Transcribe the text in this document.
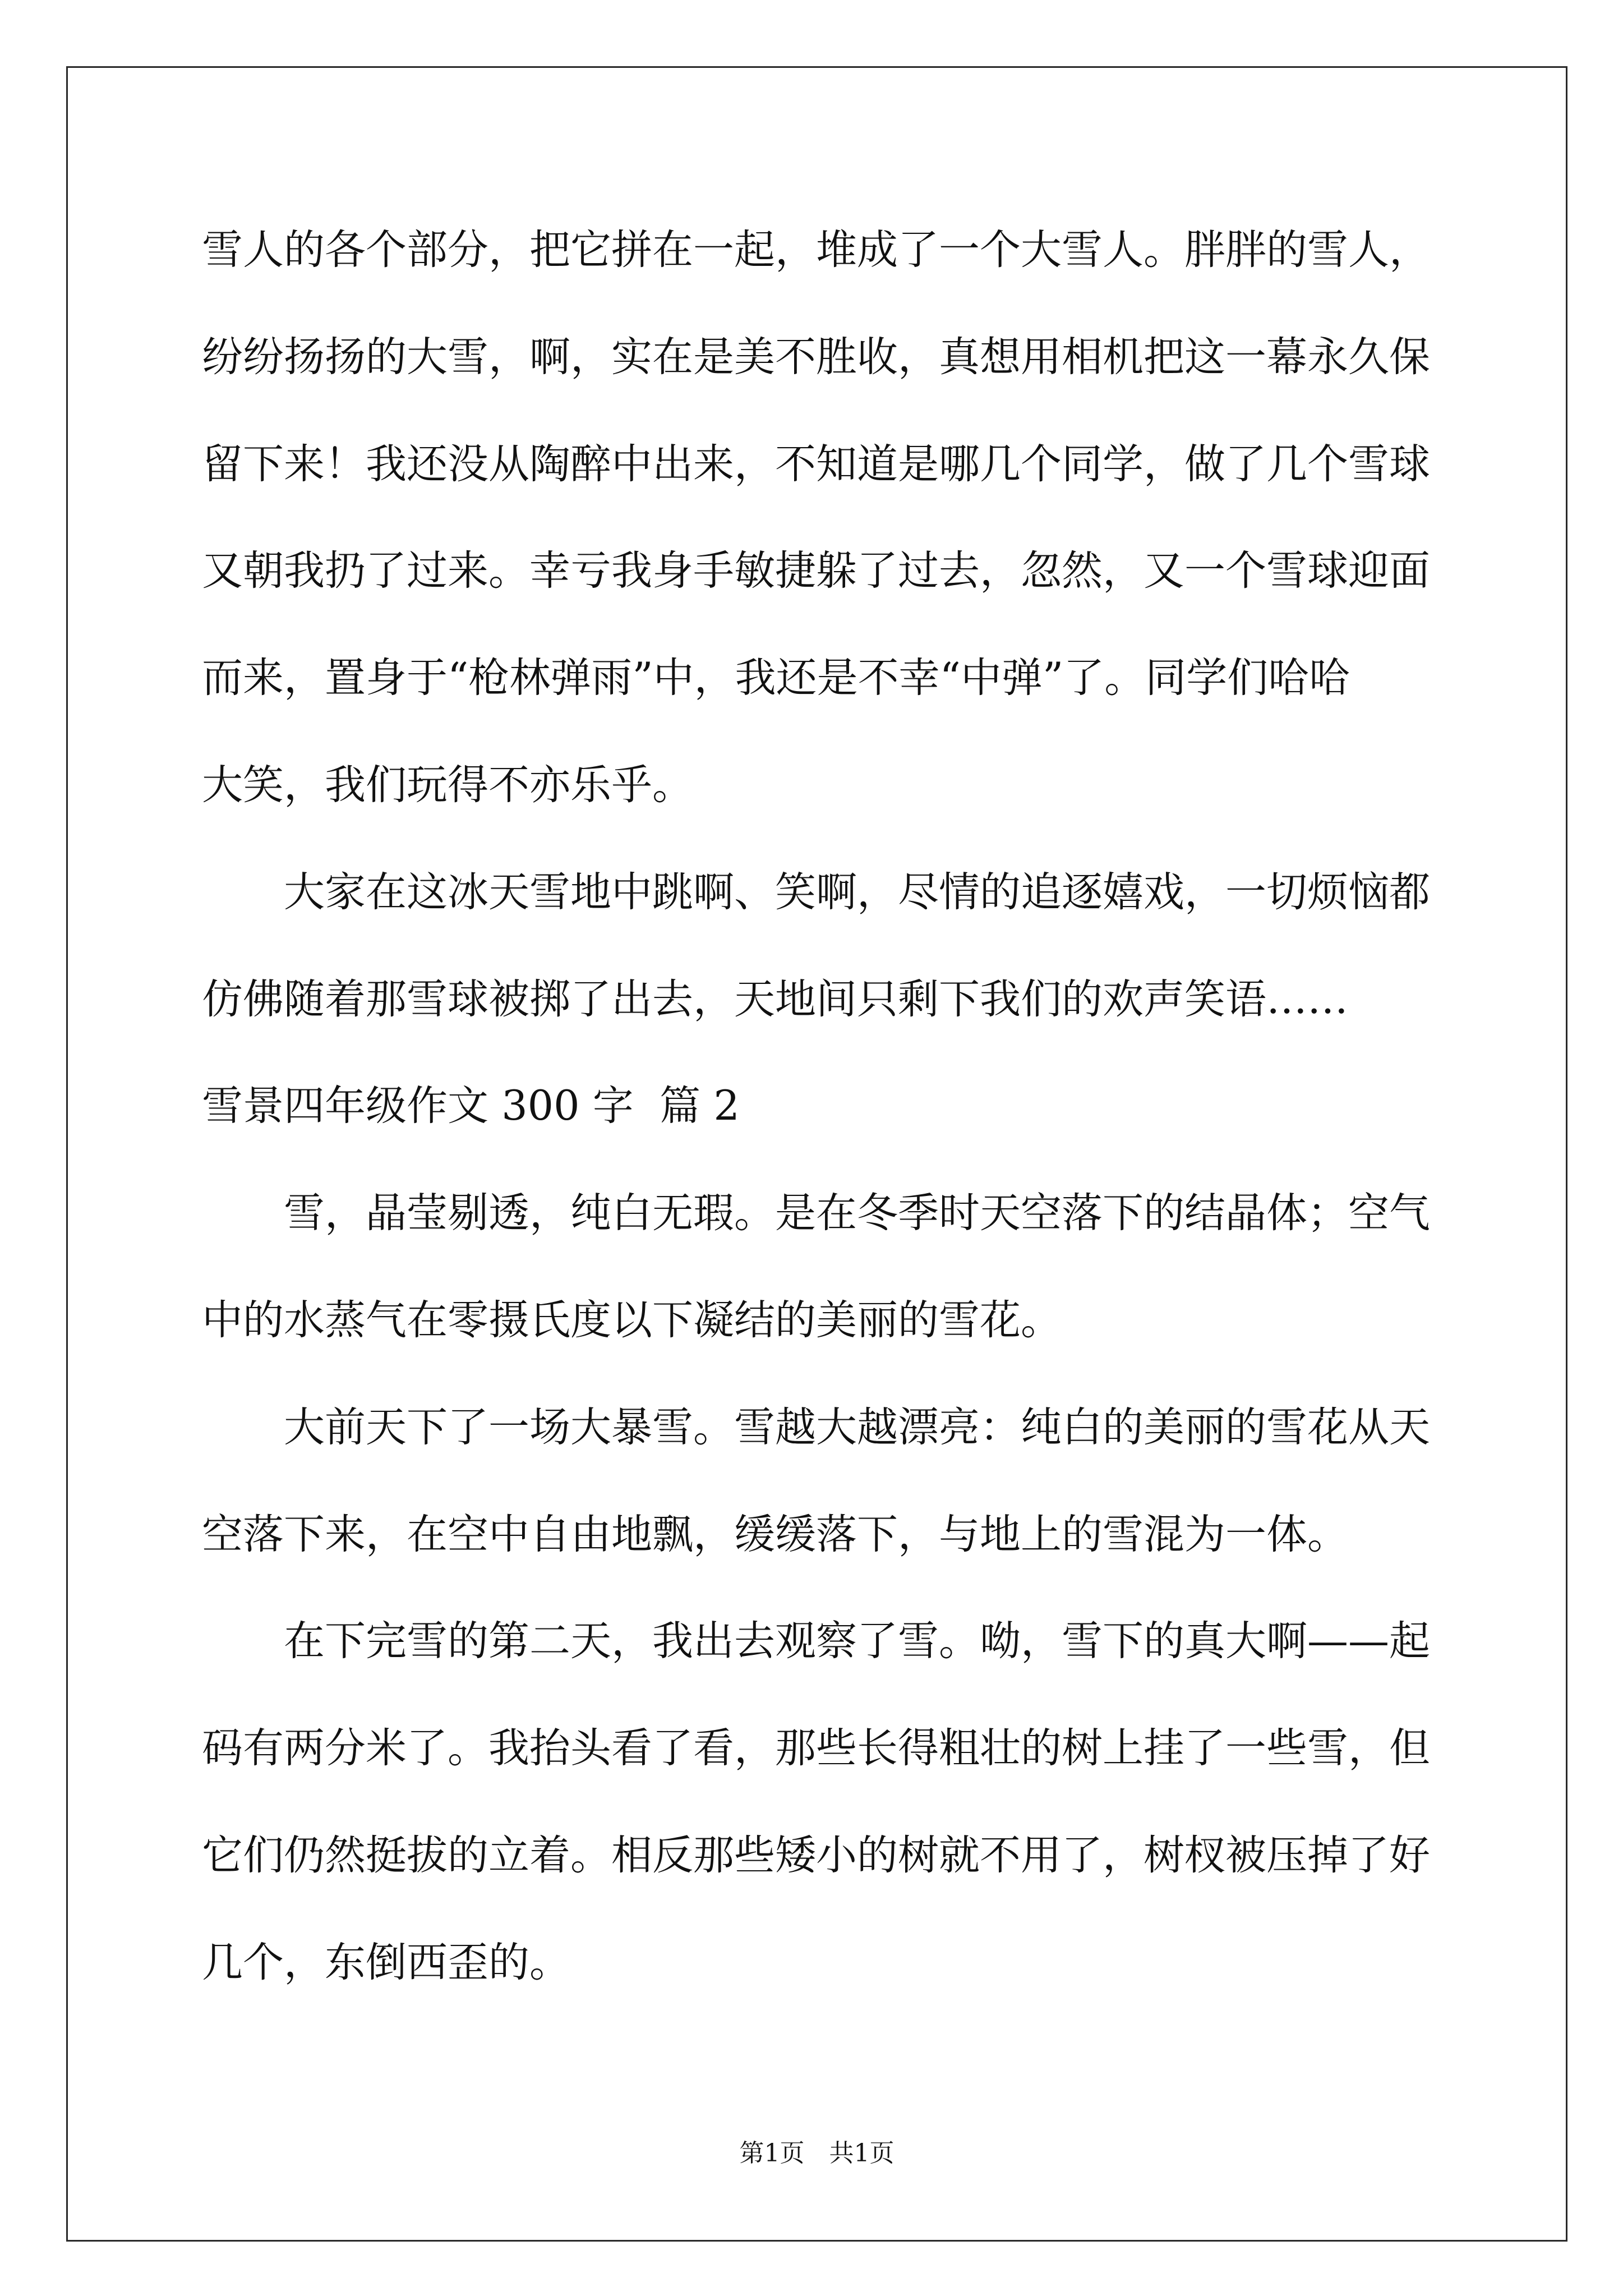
雪人的各个部分，把它拼在一起，堆成了一个大雪人。胖胖的雪人，
纷纷扬扬的大雪，啊，实在是美不胜收，真想用相机把这一幕永久保
留下来！我还没从陶醉中出来，不知道是哪几个同学，做了几个雪球
又朝我扔了过来。幸亏我身手敏捷躲了过去，忽然，又一个雪球迎面
而来，置身于“枪林弹雨”中，我还是不幸“中弹”了。同学们哈哈
大笑，我们玩得不亦乐乎。
大家在这冰天雪地中跳啊、笑啊，尽情的追逐嬉戏，一切烦恼都
仿佛随着那雪球被掷了出去，天地间只剩下我们的欢声笑语……
雪景四年级作文 300 字  篇 2
雪，晶莹剔透，纯白无瑕。是在冬季时天空落下的结晶体；空气
中的水蒸气在零摄氏度以下凝结的美丽的雪花。
大前天下了一场大暴雪。雪越大越漂亮：纯白的美丽的雪花从天
空落下来，在空中自由地飘，缓缓落下，与地上的雪混为一体。
在下完雪的第二天，我出去观察了雪。呦，雪下的真大啊——起
码有两分米了。我抬头看了看，那些长得粗壮的树上挂了一些雪，但
它们仍然挺拔的立着。相反那些矮小的树就不用了，树杈被压掉了好
几个，东倒西歪的。
第1页　共1页
